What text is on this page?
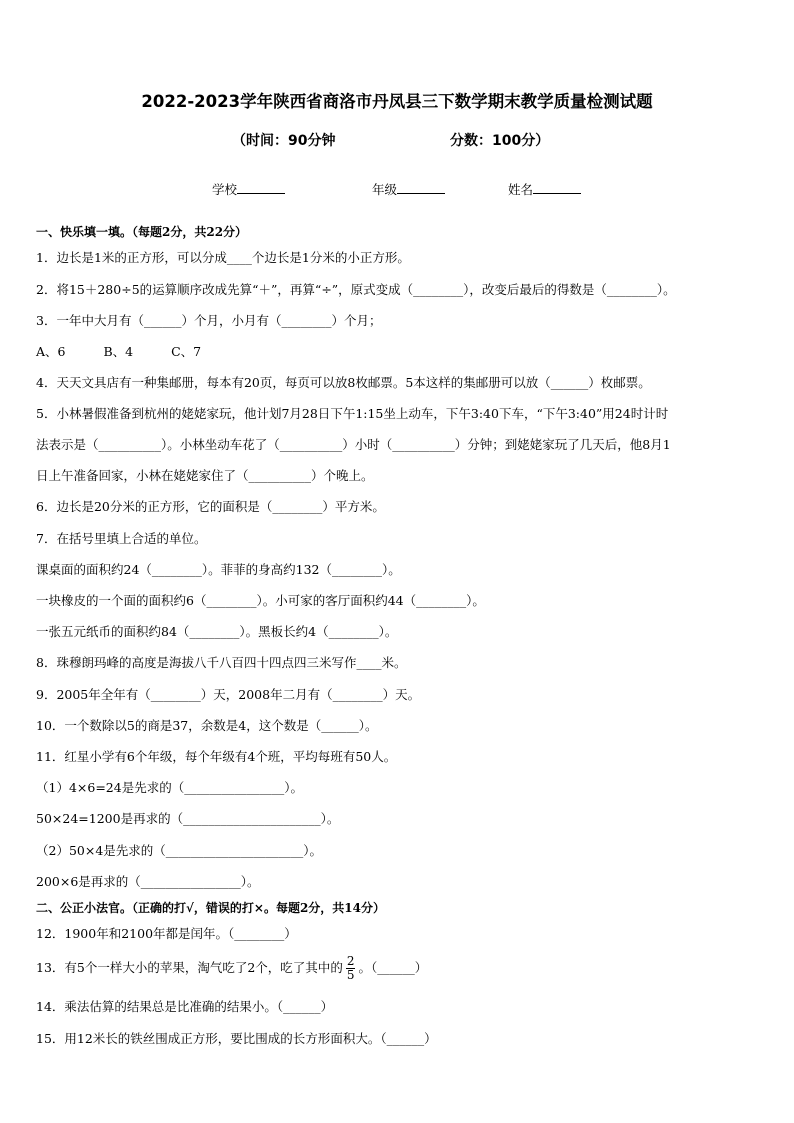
2022-2023学年陕西省商洛市丹凤县三下数学期末教学质量检测试题
（时间：90分钟	分数：100分）
学校	年级	姓名
一、快乐填一填。（每题2分，共22分）
1．边长是1米的正方形，可以分成____个边长是1分米的小正方形。
2．将15＋280÷5的运算顺序改成先算“＋”，再算“÷”，原式变成（________），改变后最后的得数是（________）。
3．一年中大月有（______）个月，小月有（________）个月；
A、6	B、4	C、7
4．天天文具店有一种集邮册，每本有20页，每页可以放8枚邮票。5本这样的集邮册可以放（______）枚邮票。
5．小林暑假准备到杭州的姥姥家玩，他计划7月28日下午1:15坐上动车，下午3:40下车，“下午3:40”用24时计时
法表示是（__________）。小林坐动车花了（__________）小时（__________）分钟；到姥姥家玩了几天后，他8月1
日上午准备回家，小林在姥姥家住了（__________）个晚上。
6．边长是20分米的正方形，它的面积是（________）平方米。
7．在括号里填上合适的单位。
课桌面的面积约24（________）。菲菲的身高约132（________）。
一块橡皮的一个面的面积约6（________）。小可家的客厅面积约44（________）。
一张五元纸币的面积约84（________）。黑板长约4（________）。
8．珠穆朗玛峰的高度是海拔八千八百四十四点四三米写作____米。
9．2005年全年有（________）天，2008年二月有（________）天。
10．一个数除以5的商是37，余数是4，这个数是（______）。
11．红星小学有6个年级，每个年级有4个班，平均每班有50人。
（1）4×6=24是先求的（________________）。
50×24=1200是再求的（______________________）。
（2）50×4是先求的（______________________）。
200×6是再求的（________________）。
二、公正小法官。（正确的打√，错误的打×。每题2分，共14分）
12．1900年和2100年都是闰年。（________）
13．有5个一样大小的苹果，淘气吃了2个，吃了其中的 $\frac{2}{5}$ 。（______）
14．乘法估算的结果总是比准确的结果小。（______）
15．用12米长的铁丝围成正方形，要比围成的长方形面积大。（______）
